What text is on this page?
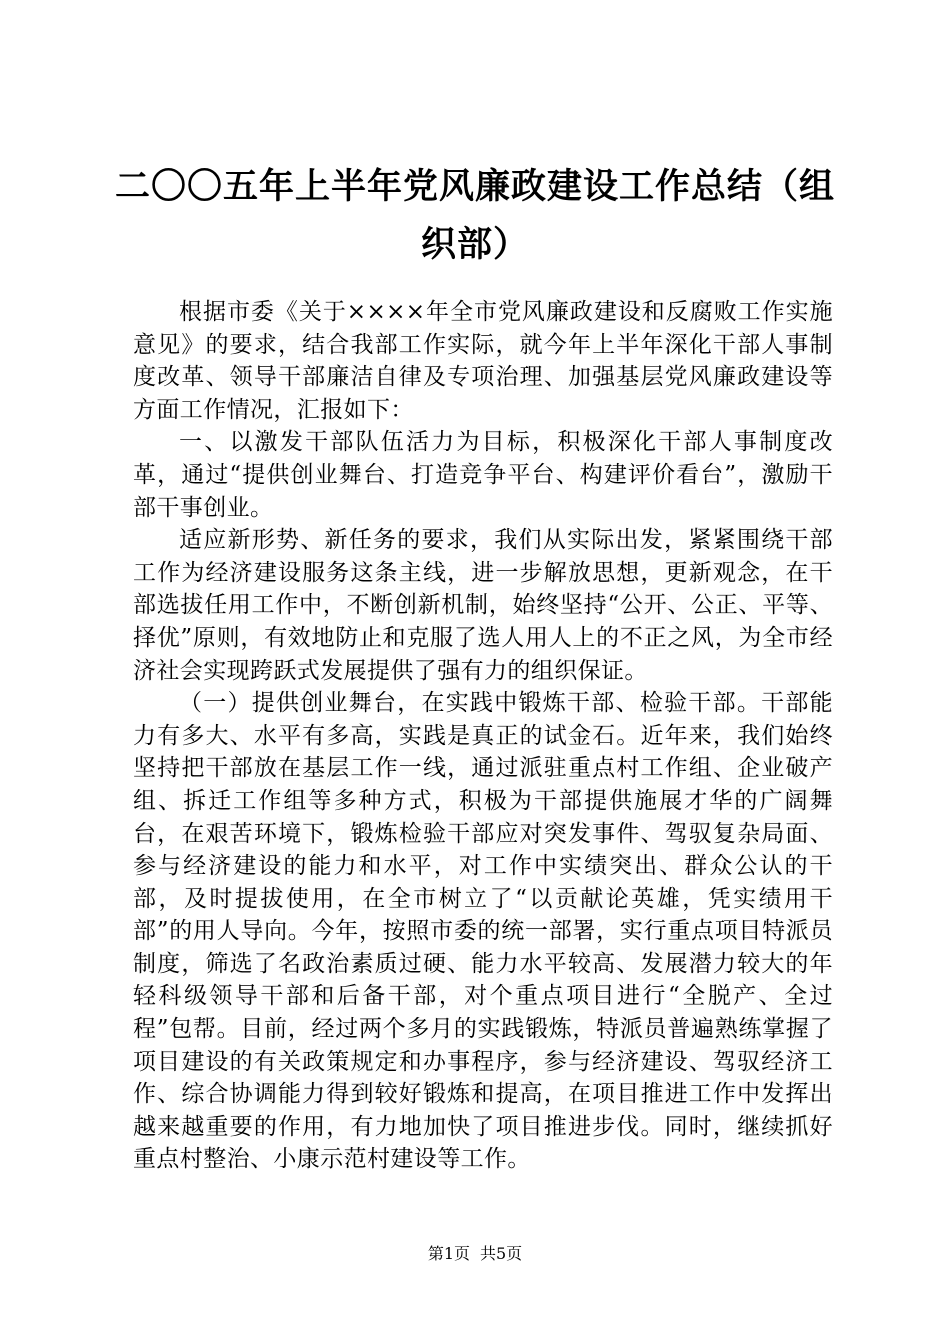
二〇〇五年上半年党风廉政建设工作总结（组织部）

根据市委《关于××××年全市党风廉政建设和反腐败工作实施意见》的要求，结合我部工作实际，就今年上半年深化干部人事制度改革、领导干部廉洁自律及专项治理、加强基层党风廉政建设等方面工作情况，汇报如下：

一、以激发干部队伍活力为目标，积极深化干部人事制度改革，通过“提供创业舞台、打造竞争平台、构建评价看台”，激励干部干事创业。

适应新形势、新任务的要求，我们从实际出发，紧紧围绕干部工作为经济建设服务这条主线，进一步解放思想，更新观念，在干部选拔任用工作中，不断创新机制，始终坚持“公开、公正、平等、择优”原则，有效地防止和克服了选人用人上的不正之风，为全市经济社会实现跨跃式发展提供了强有力的组织保证。

（一）提供创业舞台，在实践中锻炼干部、检验干部。干部能力有多大、水平有多高，实践是真正的试金石。近年来，我们始终坚持把干部放在基层工作一线，通过派驻重点村工作组、企业破产组、拆迁工作组等多种方式，积极为干部提供施展才华的广阔舞台，在艰苦环境下，锻炼检验干部应对突发事件、驾驭复杂局面、参与经济建设的能力和水平，对工作中实绩突出、群众公认的干部，及时提拔使用，在全市树立了“以贡献论英雄，凭实绩用干部”的用人导向。今年，按照市委的统一部署，实行重点项目特派员制度，筛选了名政治素质过硬、能力水平较高、发展潜力较大的年轻科级领导干部和后备干部，对个重点项目进行“全脱产、全过程”包帮。目前，经过两个多月的实践锻炼，特派员普遍熟练掌握了项目建设的有关政策规定和办事程序，参与经济建设、驾驭经济工作、综合协调能力得到较好锻炼和提高，在项目推进工作中发挥出越来越重要的作用，有力地加快了项目推进步伐。同时，继续抓好重点村整治、小康示范村建设等工作。

第1页 共5页
